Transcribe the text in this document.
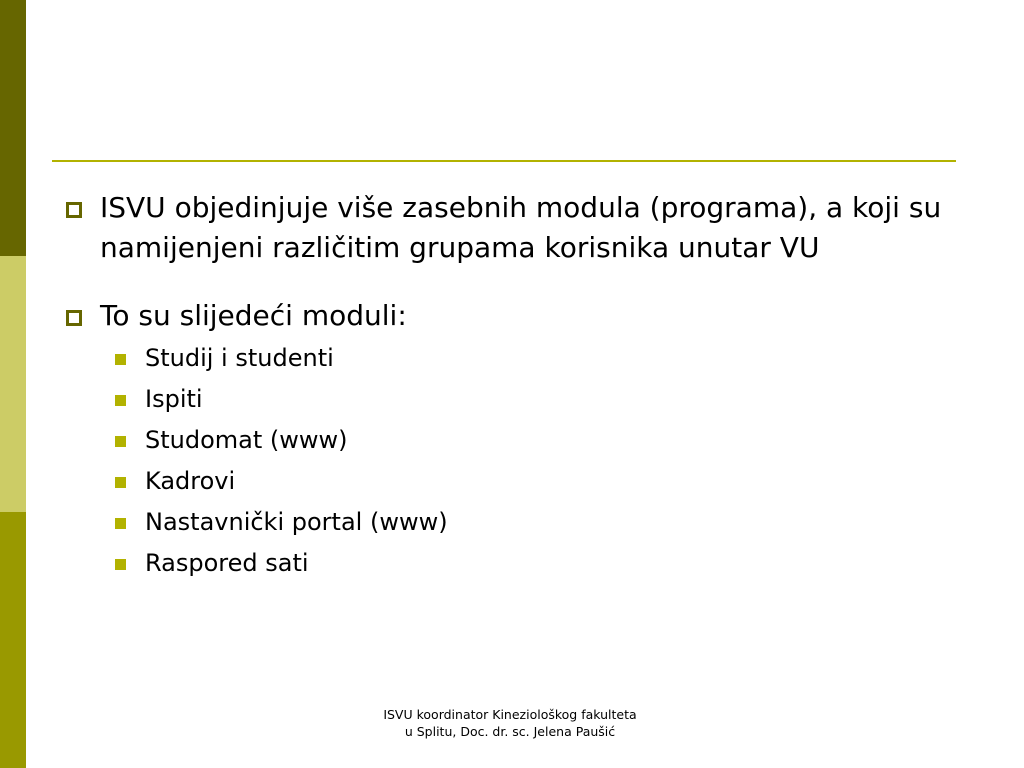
ISVU objedinjuje više zasebnih modula (programa), a koji su namijenjeni različitim grupama korisnika unutar VU
To su slijedeći moduli:
Studij i studenti
Ispiti
Studomat (www)
Kadrovi
Nastavnički portal (www)
Raspored sati
ISVU koordinator Kineziološkog fakulteta
u Splitu, Doc. dr. sc. Jelena Paušić
